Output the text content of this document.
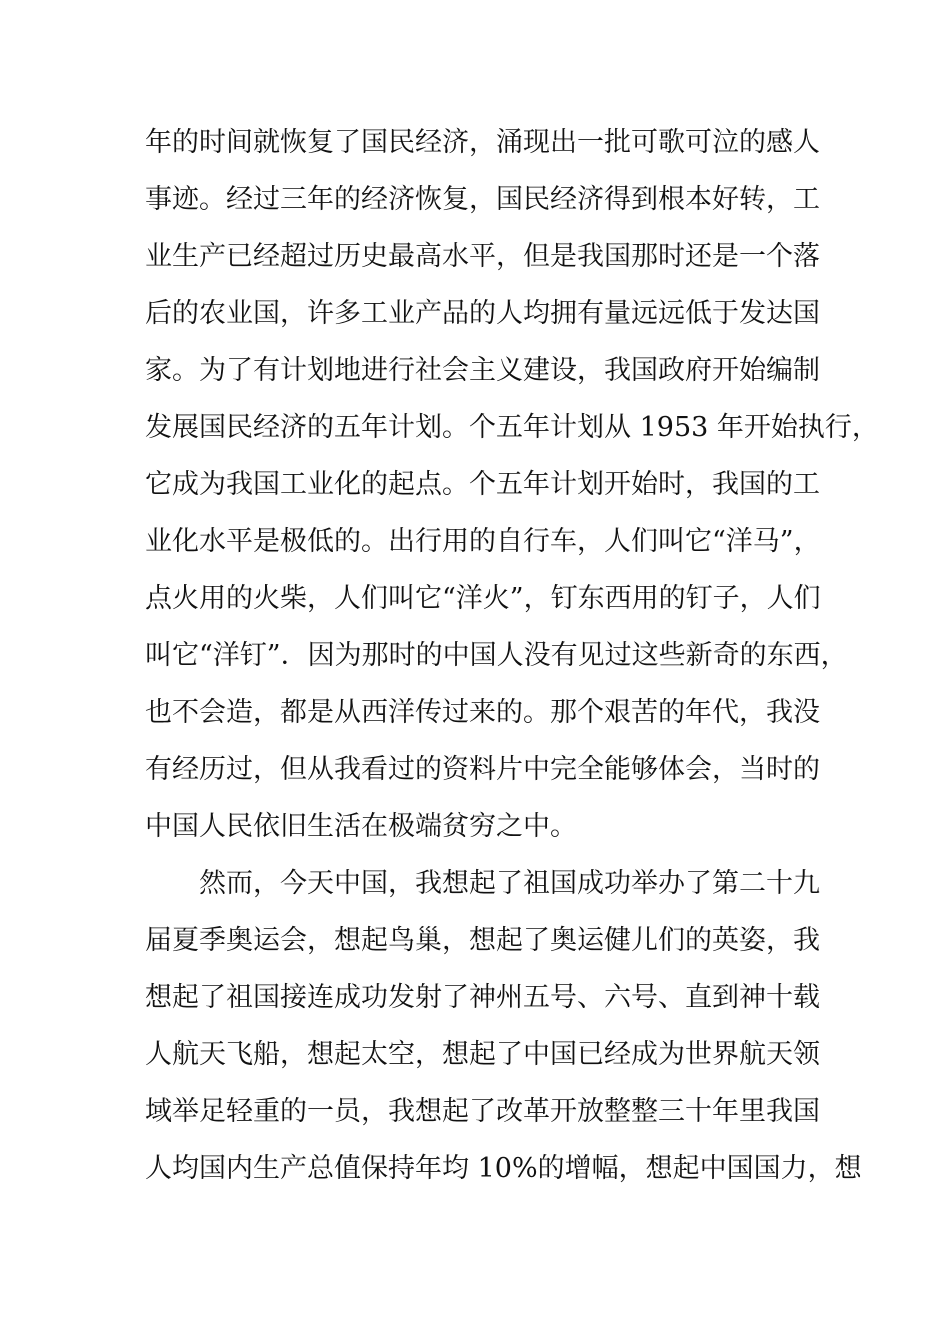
年的时间就恢复了国民经济，涌现出一批可歌可泣的感人
事迹。经过三年的经济恢复，国民经济得到根本好转，工
业生产已经超过历史最高水平，但是我国那时还是一个落
后的农业国，许多工业产品的人均拥有量远远低于发达国
家。为了有计划地进行社会主义建设，我国政府开始编制
发展国民经济的五年计划。个五年计划从 1953 年开始执行，
它成为我国工业化的起点。个五年计划开始时，我国的工
业化水平是极低的。出行用的自行车，人们叫它“洋马”，
点火用的火柴，人们叫它“洋火”，钉东西用的钉子，人们
叫它“洋钉”．因为那时的中国人没有见过这些新奇的东西，
也不会造，都是从西洋传过来的。那个艰苦的年代，我没
有经历过，但从我看过的资料片中完全能够体会，当时的
中国人民依旧生活在极端贫穷之中。
然而，今天中国，我想起了祖国成功举办了第二十九
届夏季奥运会，想起鸟巢，想起了奥运健儿们的英姿，我
想起了祖国接连成功发射了神州五号、六号、直到神十载
人航天飞船，想起太空，想起了中国已经成为世界航天领
域举足轻重的一员，我想起了改革开放整整三十年里我国
人均国内生产总值保持年均 10%的增幅，想起中国国力，想
